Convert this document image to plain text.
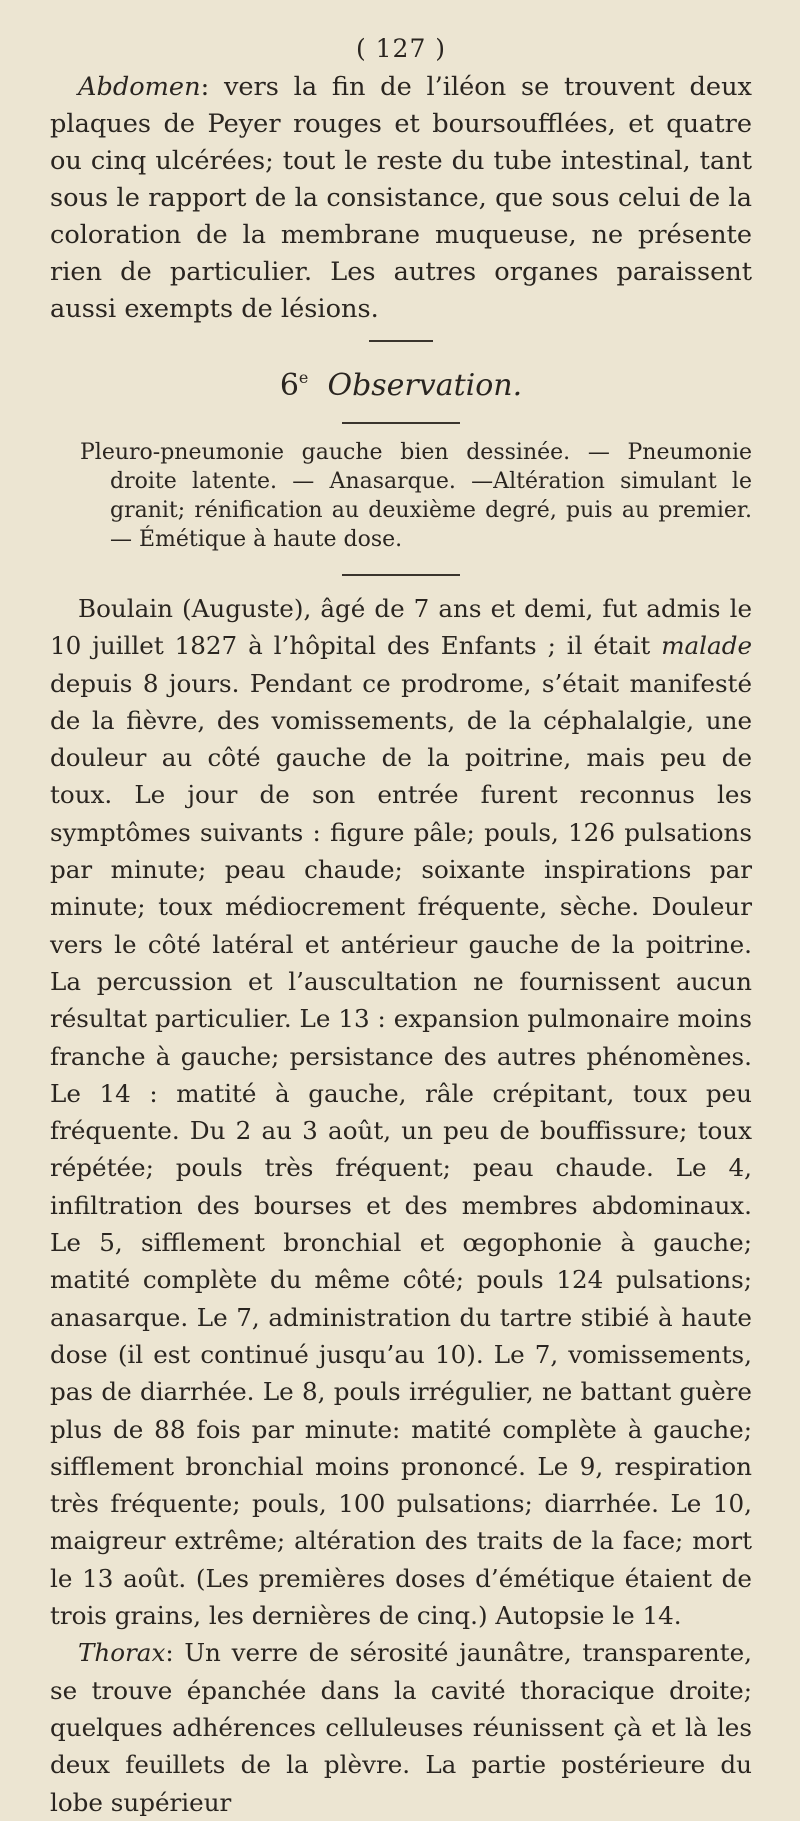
( 127 )

Abdomen: vers la fin de l’iléon se trouvent deux plaques de Peyer rouges et boursoufflées, et quatre ou cinq ulcérées; tout le reste du tube intestinal, tant sous le rapport de la consistance, que sous celui de la coloration de la membrane muqueuse, ne présente rien de particulier. Les autres organes paraissent aussi exempts de lésions.

6e Observation.

Pleuro-pneumonie gauche bien dessinée. — Pneumonie droite latente. — Anasarque. —Altération simulant le granit; rénification au deuxième degré, puis au premier. — Émétique à haute dose.

Boulain (Auguste), âgé de 7 ans et demi, fut admis le 10 juillet 1827 à l’hôpital des Enfants ; il était malade depuis 8 jours. Pendant ce prodrome, s’était manifesté de la fièvre, des vomissements, de la céphalalgie, une douleur au côté gauche de la poitrine, mais peu de toux. Le jour de son entrée furent reconnus les symptômes suivants : figure pâle; pouls, 126 pulsations par minute; peau chaude; soixante inspirations par minute; toux médiocrement fréquente, sèche. Douleur vers le côté latéral et antérieur gauche de la poitrine. La percussion et l’auscultation ne fournissent aucun résultat particulier. Le 13 : expansion pulmonaire moins franche à gauche; persistance des autres phénomènes. Le 14 : matité à gauche, râle crépitant, toux peu fréquente. Du 2 au 3 août, un peu de bouffissure; toux répétée; pouls très fréquent; peau chaude. Le 4, infiltration des bourses et des membres abdominaux. Le 5, sifflement bronchial et œgophonie à gauche; matité complète du même côté; pouls 124 pulsations; anasarque. Le 7, administration du tartre stibié à haute dose (il est continué jusqu’au 10). Le 7, vomissements, pas de diarrhée. Le 8, pouls irrégulier, ne battant guère plus de 88 fois par minute: matité complète à gauche; sifflement bronchial moins prononcé. Le 9, respiration très fréquente; pouls, 100 pulsations; diarrhée. Le 10, maigreur extrême; altération des traits de la face; mort le 13 août. (Les premières doses d’émétique étaient de trois grains, les dernières de cinq.) Autopsie le 14.

Thorax: Un verre de sérosité jaunâtre, transparente, se trouve épanchée dans la cavité thoracique droite; quelques adhérences celluleuses réunissent çà et là les deux feuillets de la plèvre. La partie postérieure du lobe supérieur
